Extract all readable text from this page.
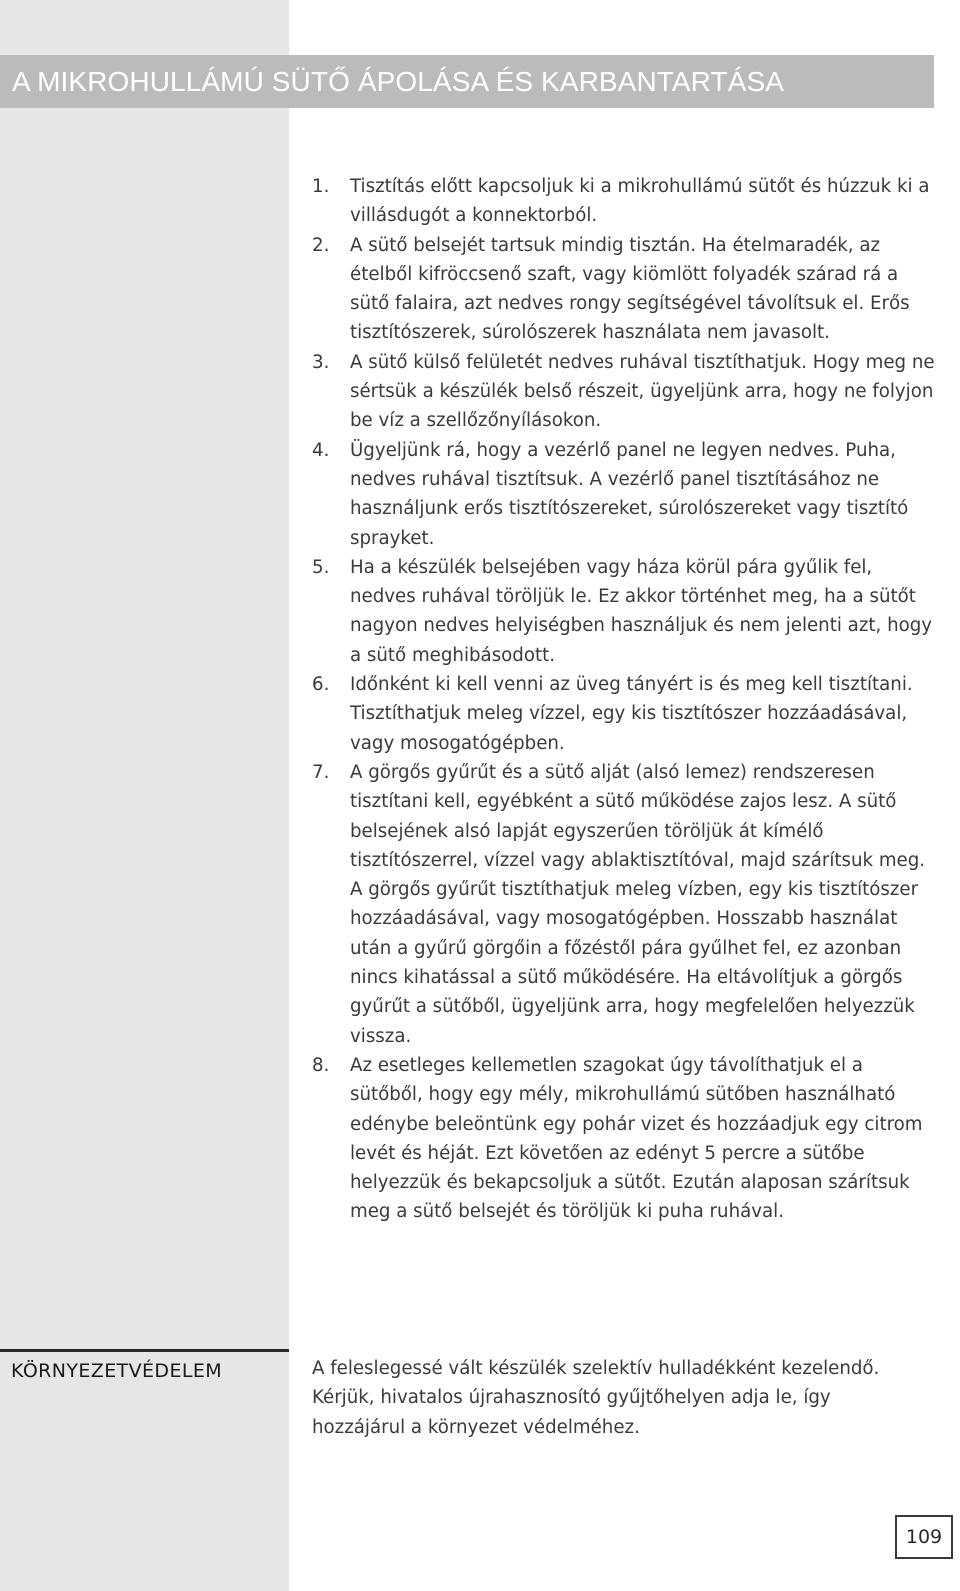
A MIKROHULLÁMÚ SÜTŐ ÁPOLÁSA ÉS KARBANTARTÁSA
1.	Tisztítás előtt kapcsoljuk ki a mikrohullámú sütőt és húzzuk ki a villásdugót a konnektorból.
2.	A sütő belsejét tartsuk mindig tisztán. Ha ételmaradék, az ételből kifröccsenő szaft, vagy kiömlött folyadék szárad rá a sütő falaira, azt nedves rongy segítségével távolítsuk el. Erős tisztítószerek, súrolószerek használata nem javasolt.
3.	A sütő külső felületét nedves ruhával tisztíthatjuk. Hogy meg ne sértsük a készülék belső részeit, ügyeljünk arra, hogy ne folyjon be víz a szellőzőnyílásokon.
4.	Ügyeljünk rá, hogy a vezérlő panel ne legyen nedves. Puha, nedves ruhával tisztítsuk. A vezérlő panel tisztításához ne használjunk erős tisztítószereket, súrolószereket vagy tisztító sprayket.
5.	Ha a készülék belsejében vagy háza körül pára gyűlik fel, nedves ruhával töröljük le. Ez akkor történhet meg, ha a sütőt nagyon nedves helyiségben használjuk és nem jelenti azt, hogy a sütő meghibásodott.
6.	Időnként ki kell venni az üveg tányért is és meg kell tisztítani. Tisztíthatjuk meleg vízzel, egy kis tisztítószer hozzáadásával, vagy mosogatógépben.
7.	A görgős gyűrűt és a sütő alját (alsó lemez) rendszeresen tisztítani kell, egyébként a sütő működése zajos lesz. A sütő belsejének alsó lapját egyszerűen töröljük át kímélő tisztítószerrel, vízzel vagy ablaktisztítóval, majd szárítsuk meg. A görgős gyűrűt tisztíthatjuk meleg vízben, egy kis tisztítószer hozzáadásával, vagy mosogatógépben. Hosszabb használat után a gyűrű görgőin a főzéstől pára gyűlhet fel, ez azonban nincs kihatással a sütő működésére. Ha eltávolítjuk a görgős gyűrűt a sütőből, ügyeljünk arra, hogy megfelelően helyezzük vissza.
8.	Az esetleges kellemetlen szagokat úgy távolíthatjuk el a sütőből, hogy egy mély, mikrohullámú sütőben használható edénybe beleöntünk egy pohár vizet és hozzáadjuk egy citrom levét és héját. Ezt követően az edényt 5 percre a sütőbe helyezzük és bekapcsoljuk a sütőt. Ezután alaposan szárítsuk meg a sütő belsejét és töröljük ki puha ruhával.
KÖRNYEZETVÉDELEM	A feleslegessé vált készülék szelektív hulladékként kezelendő. Kérjük, hivatalos újrahasznosító gyűjtőhelyen adja le, így hozzájárul a környezet védelméhez.
109
